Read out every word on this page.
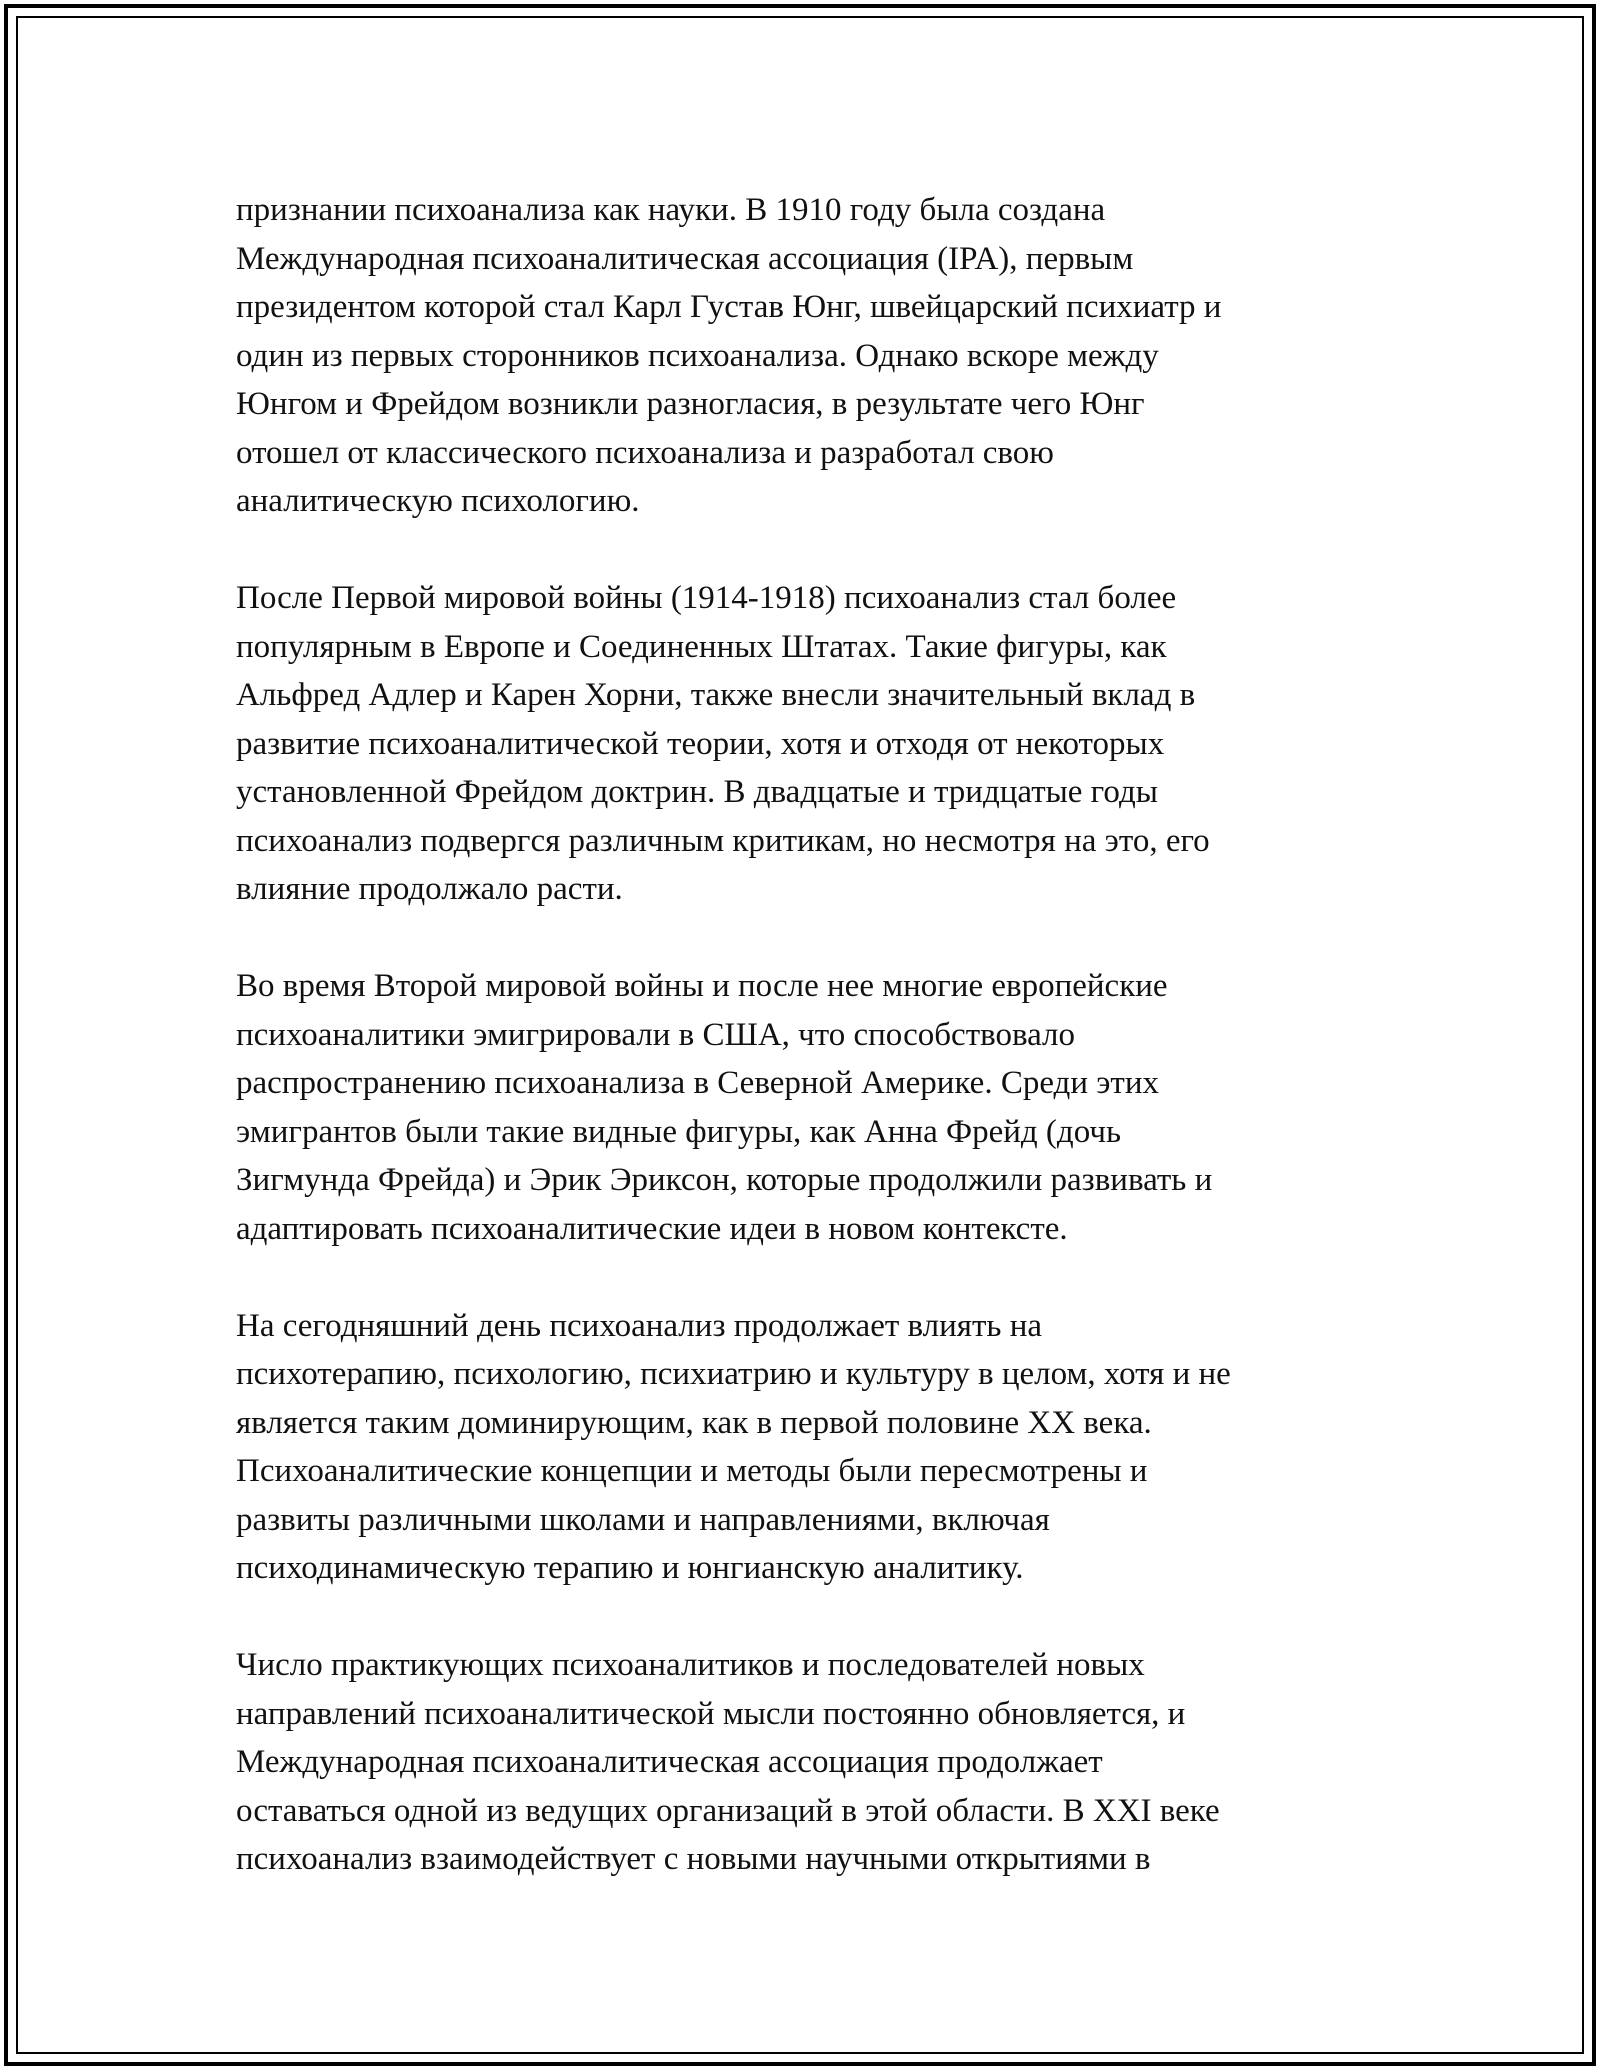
признании психоанализа как науки. В 1910 году была создана
Международная психоаналитическая ассоциация (IPA), первым
президентом которой стал Карл Густав Юнг, швейцарский психиатр и
один из первых сторонников психоанализа. Однако вскоре между
Юнгом и Фрейдом возникли разногласия, в результате чего Юнг
отошел от классического психоанализа и разработал свою
аналитическую психологию.
После Первой мировой войны (1914-1918) психоанализ стал более
популярным в Европе и Соединенных Штатах. Такие фигуры, как
Альфред Адлер и Карен Хорни, также внесли значительный вклад в
развитие психоаналитической теории, хотя и отходя от некоторых
установленной Фрейдом доктрин. В двадцатые и тридцатые годы
психоанализ подвергся различным критикам, но несмотря на это, его
влияние продолжало расти.
Во время Второй мировой войны и после нее многие европейские
психоаналитики эмигрировали в США, что способствовало
распространению психоанализа в Северной Америке. Среди этих
эмигрантов были такие видные фигуры, как Анна Фрейд (дочь
Зигмунда Фрейда) и Эрик Эриксон, которые продолжили развивать и
адаптировать психоаналитические идеи в новом контексте.
На сегодняшний день психоанализ продолжает влиять на
психотерапию, психологию, психиатрию и культуру в целом, хотя и не
является таким доминирующим, как в первой половине XX века.
Психоаналитические концепции и методы были пересмотрены и
развиты различными школами и направлениями, включая
психодинамическую терапию и юнгианскую аналитику.
Число практикующих психоаналитиков и последователей новых
направлений психоаналитической мысли постоянно обновляется, и
Международная психоаналитическая ассоциация продолжает
оставаться одной из ведущих организаций в этой области. В XXI веке
психоанализ взаимодействует с новыми научными открытиями в
